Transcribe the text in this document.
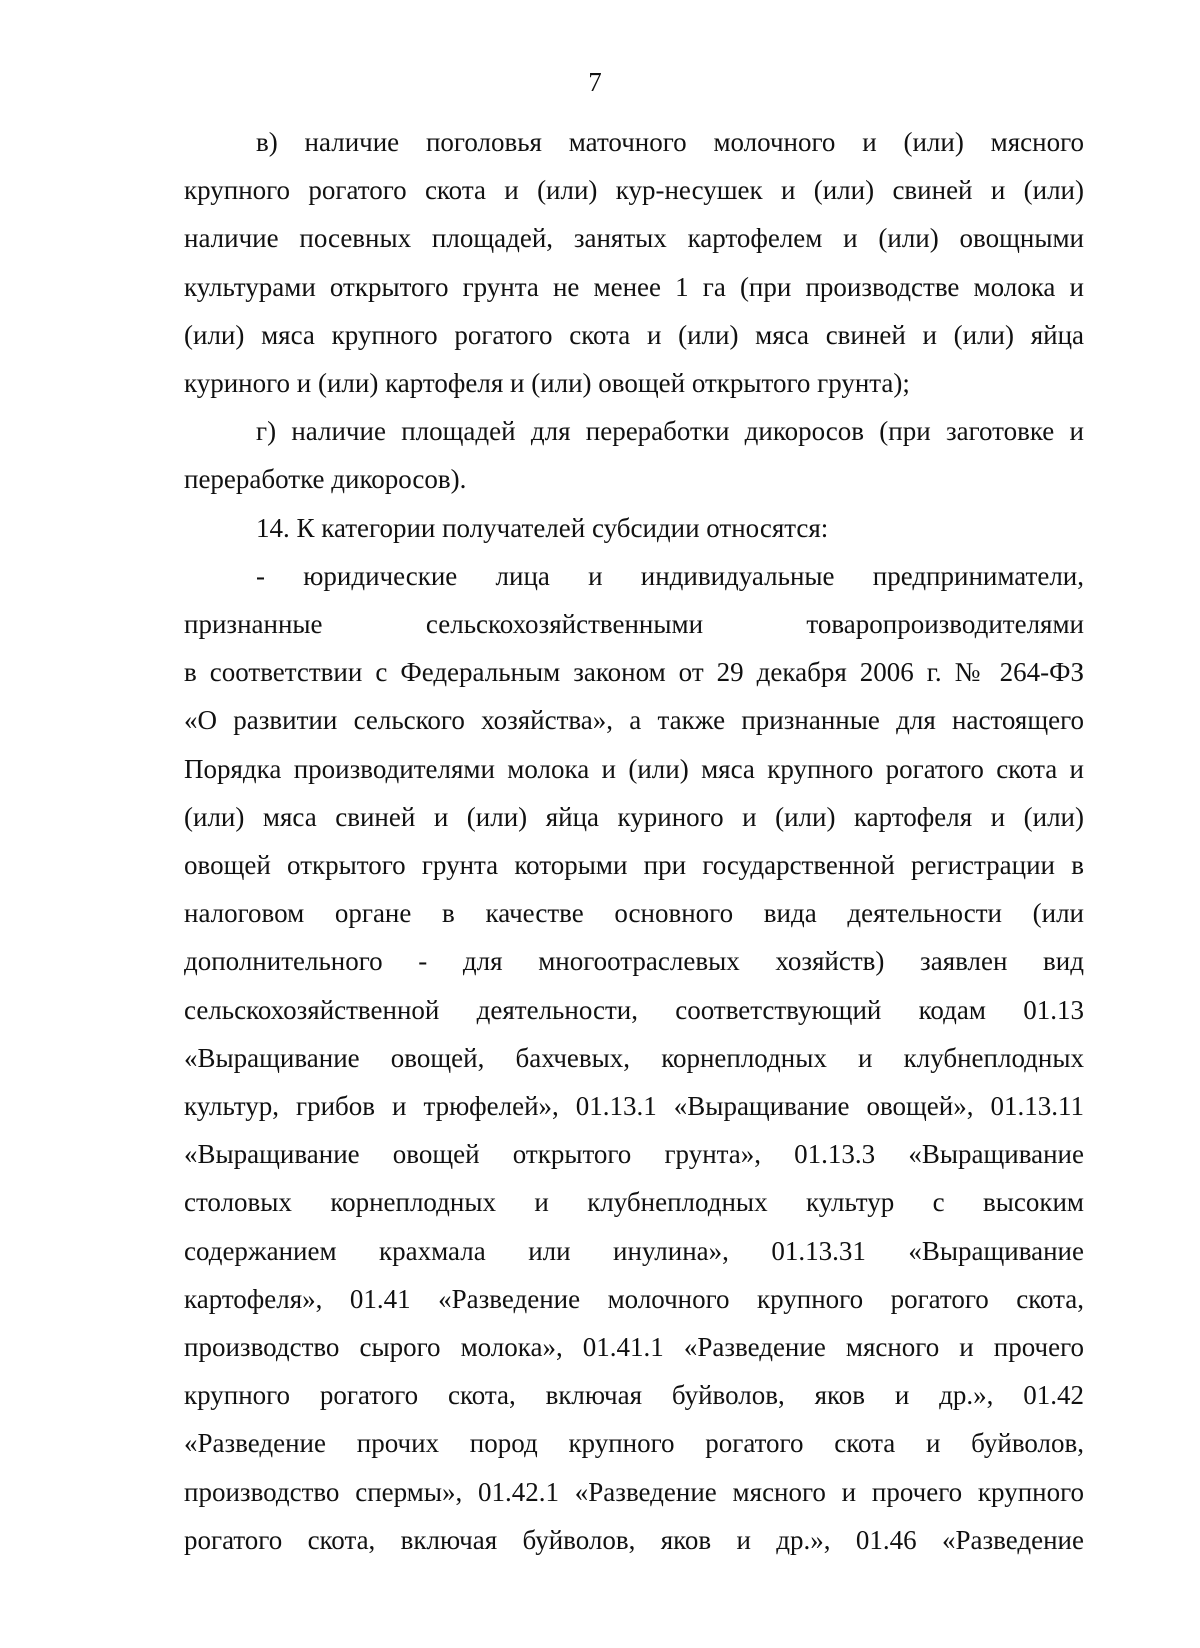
7
в) наличие поголовья маточного молочного и (или) мясного
крупного рогатого скота и (или) кур-несушек и (или) свиней и (или)
наличие посевных площадей, занятых картофелем и (или) овощными
культурами открытого грунта не менее 1 га (при производстве молока и
(или) мяса крупного рогатого скота и (или) мяса свиней и (или) яйца
куриного и (или) картофеля и (или) овощей открытого грунта);
г) наличие площадей для переработки дикоросов (при заготовке и
переработке дикоросов).
14. К категории получателей субсидии относятся:
- юридические лица и индивидуальные предприниматели,
признанные сельскохозяйственными товаропроизводителями
в соответствии с Федеральным законом от 29 декабря 2006 г. № 264-ФЗ
«О развитии сельского хозяйства», а также признанные для настоящего
Порядка производителями молока и (или) мяса крупного рогатого скота и
(или) мяса свиней и (или) яйца куриного и (или) картофеля и (или)
овощей открытого грунта которыми при государственной регистрации в
налоговом органе в качестве основного вида деятельности (или
дополнительного - для многоотраслевых хозяйств) заявлен вид
сельскохозяйственной деятельности, соответствующий кодам 01.13
«Выращивание овощей, бахчевых, корнеплодных и клубнеплодных
культур, грибов и трюфелей», 01.13.1 «Выращивание овощей», 01.13.11
«Выращивание овощей открытого грунта», 01.13.3 «Выращивание
столовых корнеплодных и клубнеплодных культур с высоким
содержанием крахмала или инулина», 01.13.31 «Выращивание
картофеля», 01.41 «Разведение молочного крупного рогатого скота,
производство сырого молока», 01.41.1 «Разведение мясного и прочего
крупного рогатого скота, включая буйволов, яков и др.», 01.42
«Разведение прочих пород крупного рогатого скота и буйволов,
производство спермы», 01.42.1 «Разведение мясного и прочего крупного
рогатого скота, включая буйволов, яков и др.», 01.46 «Разведение
